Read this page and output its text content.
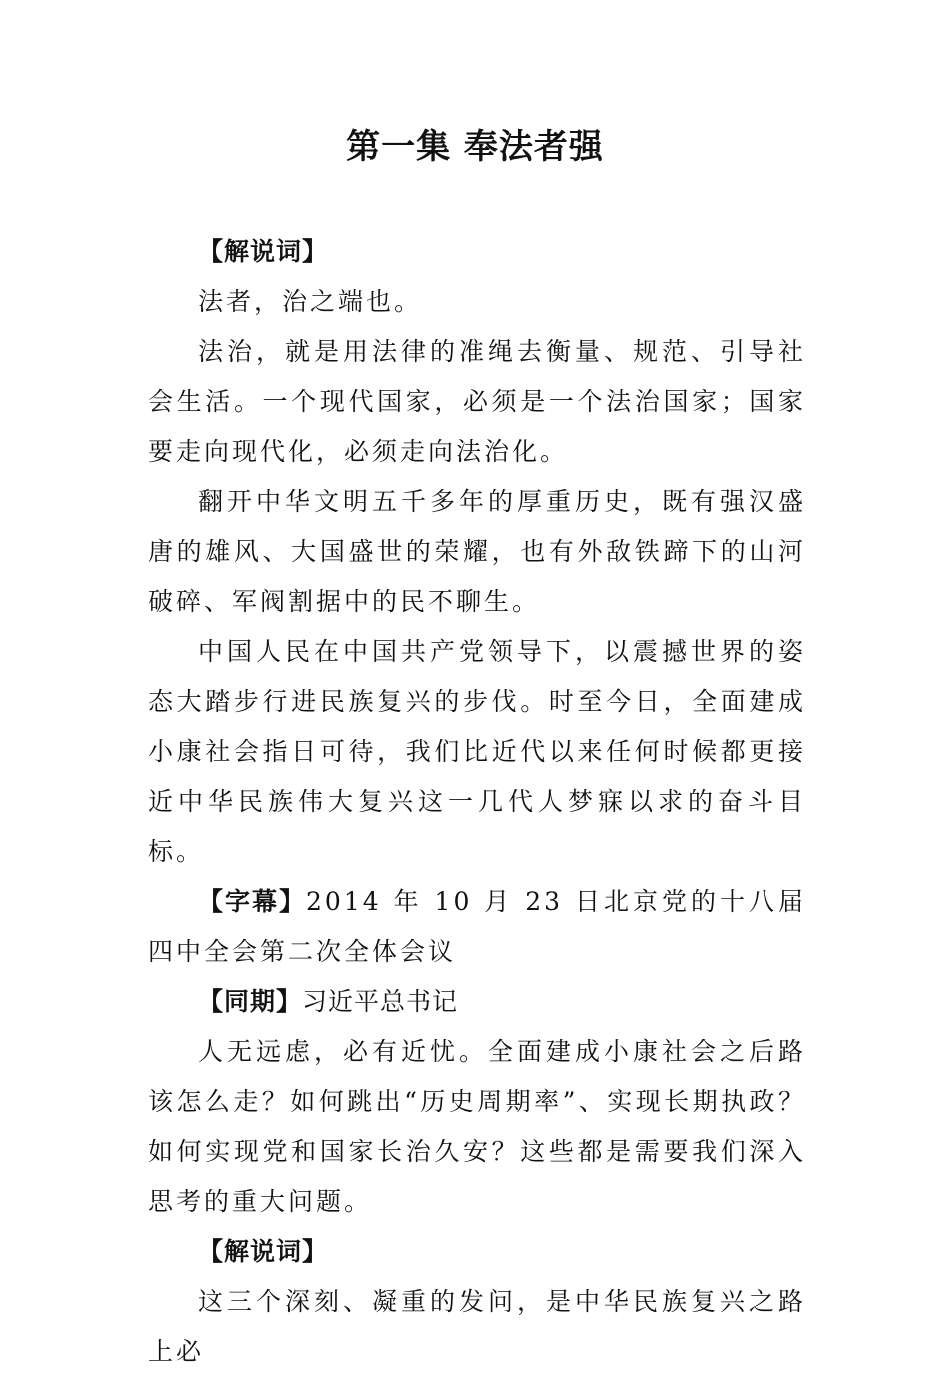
第一集 奉法者强

【解说词】

法者，治之端也。

法治，就是用法律的准绳去衡量、规范、引导社会生活。一个现代国家，必须是一个法治国家；国家要走向现代化，必须走向法治化。

翻开中华文明五千多年的厚重历史，既有强汉盛唐的雄风、大国盛世的荣耀，也有外敌铁蹄下的山河破碎、军阀割据中的民不聊生。

中国人民在中国共产党领导下，以震撼世界的姿态大踏步行进民族复兴的步伐。时至今日，全面建成小康社会指日可待，我们比近代以来任何时候都更接近中华民族伟大复兴这一几代人梦寐以求的奋斗目标。

【字幕】2014 年 10 月 23 日北京党的十八届四中全会第二次全体会议

【同期】习近平总书记

人无远虑，必有近忧。全面建成小康社会之后路该怎么走？如何跳出“历史周期率”、实现长期执政？如何实现党和国家长治久安？这些都是需要我们深入思考的重大问题。

【解说词】

这三个深刻、凝重的发问，是中华民族复兴之路上必
